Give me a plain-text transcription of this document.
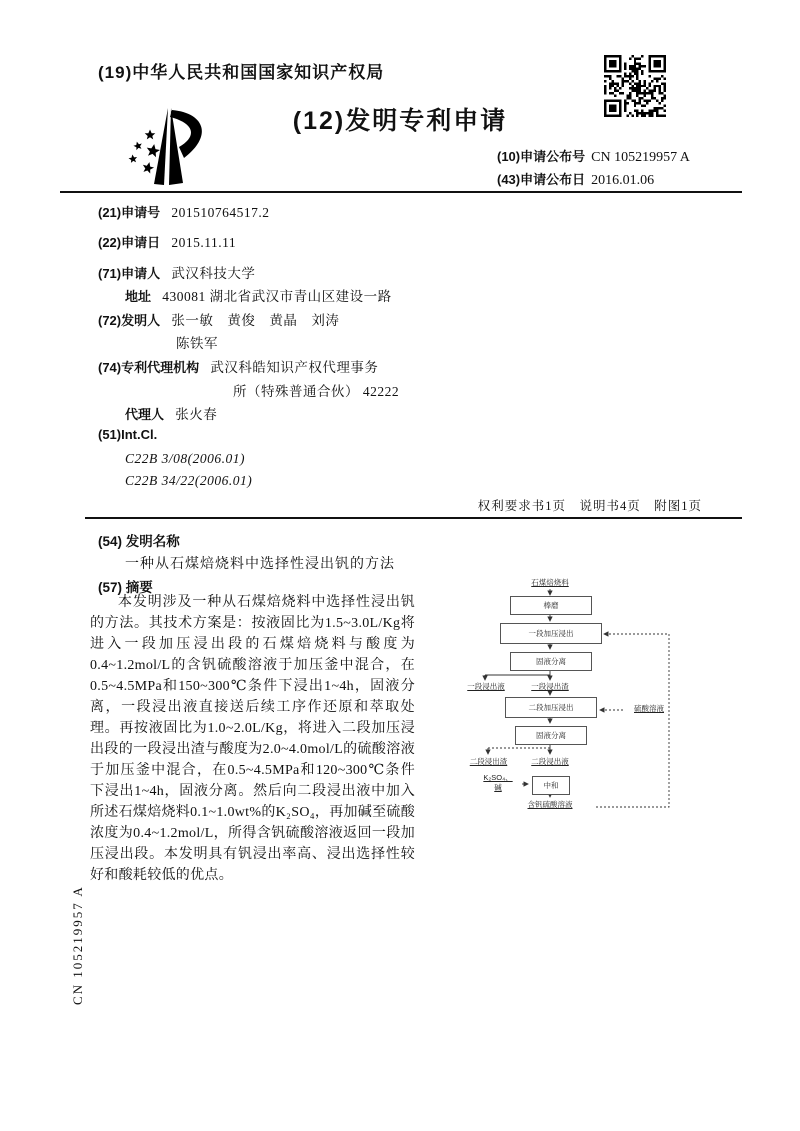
(19)中华人民共和国国家知识产权局
(12)发明专利申请
(10)申请公布号 CN 105219957 A
(43)申请公布日 2016.01.06
(21)申请号 201510764517.2
(22)申请日 2015.11.11
(71)申请人 武汉科技大学
地址 430081 湖北省武汉市青山区建设一路
(72)发明人 张一敏　黄俊　黄晶　刘涛
陈铁军
(74)专利代理机构 武汉科皓知识产权代理事务
所（特殊普通合伙） 42222
代理人 张火春
(51)Int.Cl.
C22B 3/08(2006.01)
C22B 34/22(2006.01)
权利要求书1页　说明书4页　附图1页
(54) 发明名称
一种从石煤焙烧料中选择性浸出钒的方法
(57) 摘要
本发明涉及一种从石煤焙烧料中选择性浸出钒的方法。其技术方案是：按液固比为1.5~3.0L/Kg将进入一段加压浸出段的石煤焙烧料与酸度为0.4~1.2mol/L的含钒硫酸溶液于加压釜中混合，在0.5~4.5MPa和150~300℃条件下浸出1~4h，固液分离，一段浸出液直接送后续工序作还原和萃取处理。再按液固比为1.0~2.0L/Kg，将进入二段加压浸出段的一段浸出渣与酸度为2.0~4.0mol/L的硫酸溶液于加压釜中混合，在0.5~4.5MPa和120~300℃条件下浸出1~4h，固液分离。然后向二段浸出液中加入所述石煤焙烧料0.1~1.0wt%的K₂SO₄，再加碱至硫酸浓度为0.4~1.2mol/L，所得含钒硫酸溶液返回一段加压浸出段。本发明具有钒浸出率高、浸出选择性较好和酸耗较低的优点。
石煤焙烧料
棒磨
一段加压浸出
固液分离
一段浸出液	一段浸出渣
二段加压浸出	硫酸溶液
固液分离
二段浸出渣	二段浸出液
K₂SO₄、
碱	中和
含钒硫酸溶液
CN 105219957 A
